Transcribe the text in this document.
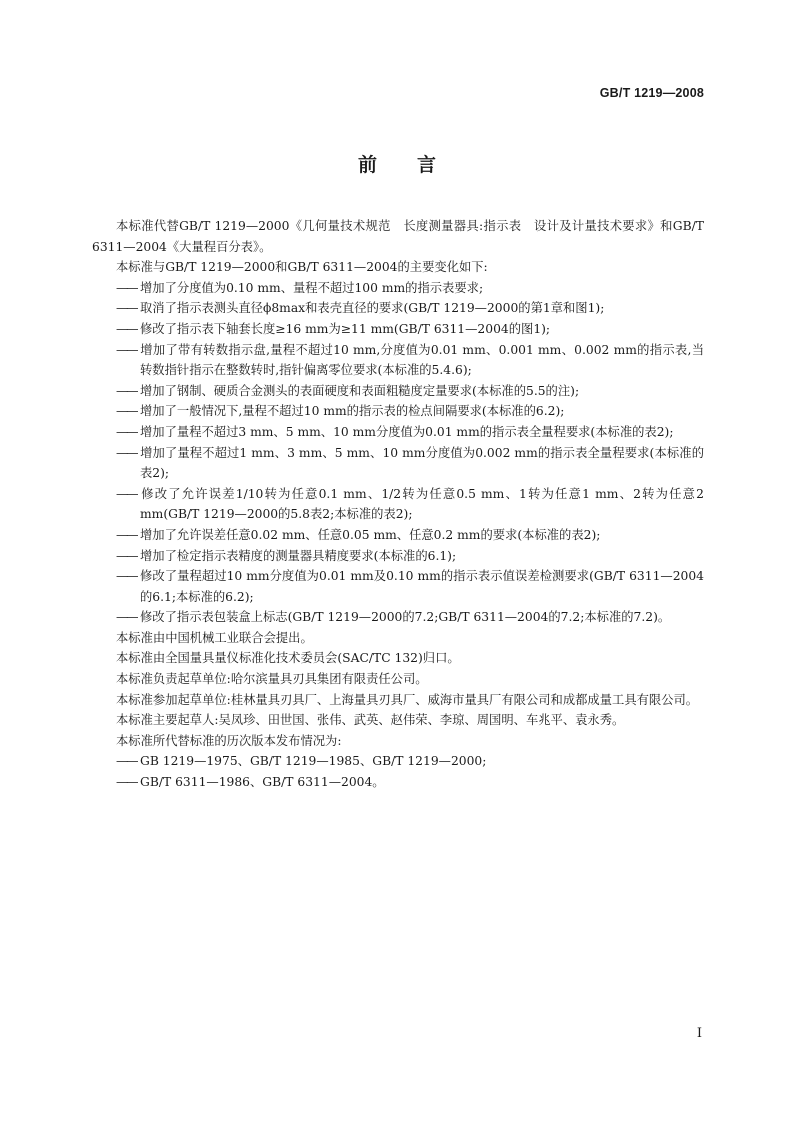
GB/T 1219—2008
前言

本标准代替GB/T 1219—2000《几何量技术规范　长度测量器具:指示表　设计及计量技术要求》和GB/T 6311—2004《大量程百分表》。

本标准与GB/T 1219—2000和GB/T 6311—2004的主要变化如下:

—— 增加了分度值为0.10 mm、量程不超过100 mm的指示表要求;

—— 取消了指示表测头直径ϕ8max和表壳直径的要求(GB/T 1219—2000的第1章和图1);

—— 修改了指示表下轴套长度≥16 mm为≥11 mm(GB/T 6311—2004的图1);

—— 增加了带有转数指示盘,量程不超过10 mm,分度值为0.01 mm、0.001 mm、0.002 mm的指示表,当转数指针指示在整数转时,指针偏离零位要求(本标准的5.4.6);

—— 增加了钢制、硬质合金测头的表面硬度和表面粗糙度定量要求(本标准的5.5的注);

—— 增加了一般情况下,量程不超过10 mm的指示表的检点间隔要求(本标准的6.2);

—— 增加了量程不超过3 mm、5 mm、10 mm分度值为0.01 mm的指示表全量程要求(本标准的表2);

—— 增加了量程不超过1 mm、3 mm、5 mm、10 mm分度值为0.002 mm的指示表全量程要求(本标准的表2);

—— 修改了允许误差1/10转为任意0.1 mm、1/2转为任意0.5 mm、1转为任意1 mm、2转为任意2 mm(GB/T 1219—2000的5.8表2;本标准的表2);

—— 增加了允许误差任意0.02 mm、任意0.05 mm、任意0.2 mm的要求(本标准的表2);

—— 增加了检定指示表精度的测量器具精度要求(本标准的6.1);

—— 修改了量程超过10 mm分度值为0.01 mm及0.10 mm的指示表示值误差检测要求(GB/T 6311—2004的6.1;本标准的6.2);

—— 修改了指示表包装盒上标志(GB/T 1219—2000的7.2;GB/T 6311—2004的7.2;本标准的7.2)。

本标准由中国机械工业联合会提出。

本标准由全国量具量仪标准化技术委员会(SAC/TC 132)归口。

本标准负责起草单位:哈尔滨量具刃具集团有限责任公司。

本标准参加起草单位:桂林量具刃具厂、上海量具刃具厂、威海市量具厂有限公司和成都成量工具有限公司。

本标准主要起草人:吴凤珍、田世国、张伟、武英、赵伟荣、李琼、周国明、车兆平、袁永秀。

本标准所代替标准的历次版本发布情况为:

—— GB 1219—1975、GB/T 1219—1985、GB/T 1219—2000;

—— GB/T 6311—1986、GB/T 6311—2004。

I
